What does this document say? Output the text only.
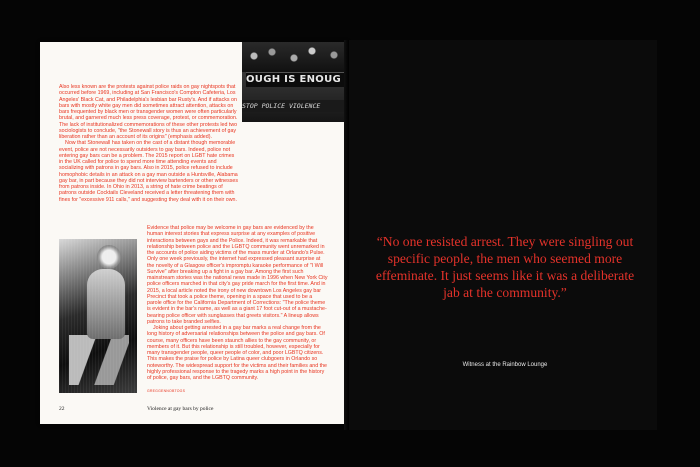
OUGH IS ENOUG
STOP POLICE VIOLENCE

Also less known are the protests against police raids on gay nightspots that occurred before 1969, including at San Francisco's Compton Cafeteria, Los Angeles' Black Cat, and Philadelphia's lesbian bar Rusty's. And if attacks on bars with mostly white gay men did sometimes attract attention, attacks on bars frequented by black men or transgender women were often particularly brutal, and garnered much less press coverage, protest, or commemoration. The lack of institutionalized commemorations of these other protests led two sociologists to conclude, "the Stonewall story is thus an achievement of gay liberation rather than an account of its origins" (emphasis added).

Now that Stonewall has taken on the cast of a distant though memorable event, police are not necessarily outsiders to gay bars. Indeed, police not entering gay bars can be a problem. The 2015 report on LGBT hate crimes in the UK called for police to spend more time attending events and socializing with patrons in gay bars. Also in 2015, police refused to include homophobic details in an attack on a gay man outside a Huntsville, Alabama gay bar, in part because they did not interview bartenders or other witnesses from patrons inside. In Ohio in 2013, a string of hate crime beatings of patrons outside Cocktails Cleveland received a letter threatening them with fines for "excessive 911 calls," and suggesting they deal with it on their own.

Evidence that police may be welcome in gay bars are evidenced by the human interest stories that express surprise at any examples of positive interactions between gays and the Police. Indeed, it was remarkable that relationship between police and the LGBTQ community went unremarked in the accounts of police aiding victims of the mass murder at Orlando's Pulse. Only one week previously, the internet had expressed pleasant surprise at the novelty of a Glasgow officer's impromptu karaoke performance of "I Will Survive" after breaking up a fight in a gay bar. Among the first such mainstream stories was the national news made in 1996 when New York City police officers marched in that city's gay pride march for the first time. And in 2015, a local article noted the irony of new downtown Los Angeles gay bar Precinct that took a police theme, opening in a space that used to be a parole office for the California Department of Corrections: "The police theme is evident in the bar's name, as well as a giant 17 foot cut-out of a mustache-bearing police officer with sunglasses that greets visitors." A lineup allows patrons to take branded selfies.

Joking about getting arrested in a gay bar marks a real change from the long history of adversarial relationships between the police and gay bars. Of course, many officers have been staunch allies to the gay community, or members of it. But this relationship is still troubled, however, especially for many transgender people, queer people of color, and poor LGBTQ citizens. This makes the praise for police by Latina queer clubgoers in Orlando so noteworthy. The widespread support for the victims and their families and the highly professional response to the tragedy marks a high point in the history of police, gay bars, and the LGBTQ community.

GREGGENNOBTOGS
22	Violence at gay bars by police
“No one resisted arrest. They were singling out specific people, the men who seemed more effeminate. It just seems like it was a deliberate jab at the community.”
Witness at the Rainbow Lounge
